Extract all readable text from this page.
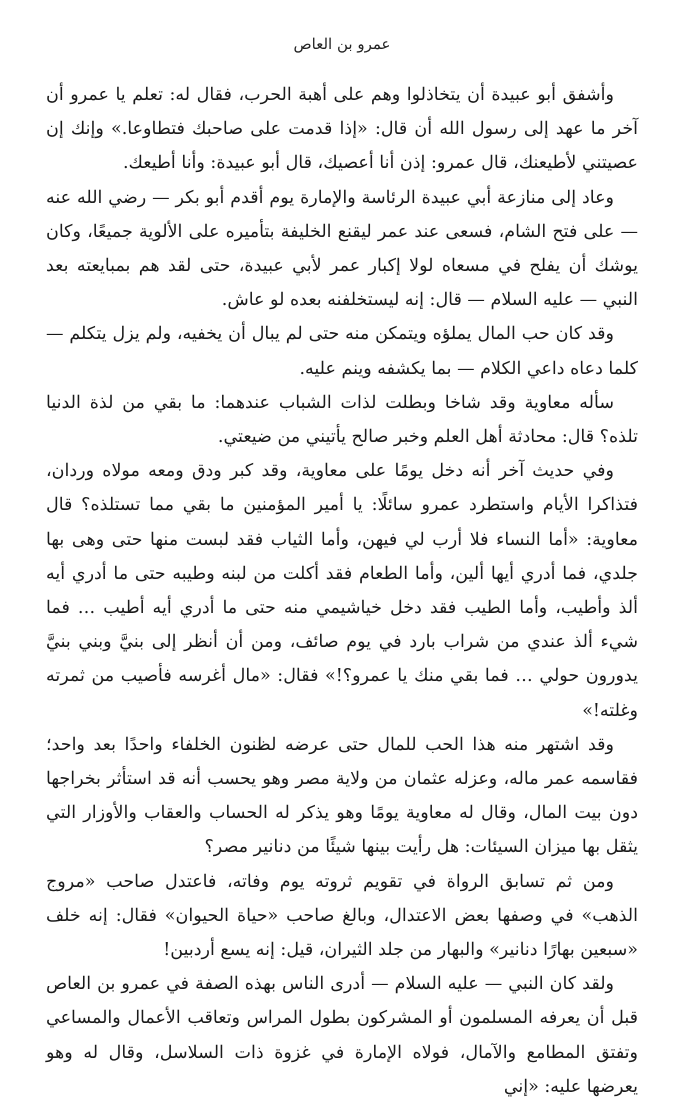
عمرو بن العاص

وأشفق أبو عبيدة أن يتخاذلوا وهم على أهبة الحرب، فقال له: تعلم يا عمرو أن آخر ما عهد إلى رسول الله أن قال: «إذا قدمت على صاحبك فتطاوعا.» وإنك إن عصيتني لأطيعنك، قال عمرو: إذن أنا أعصيك، قال أبو عبيدة: وأنا أطيعك.

وعاد إلى منازعة أبي عبيدة الرئاسة والإمارة يوم أقدم أبو بكر — رضي الله عنه — على فتح الشام، فسعى عند عمر ليقنع الخليفة بتأميره على الألوية جميعًا، وكان يوشك أن يفلح في مسعاه لولا إكبار عمر لأبي عبيدة، حتى لقد هم بمبايعته بعد النبي — عليه السلام — قال: إنه ليستخلفنه بعده لو عاش.

وقد كان حب المال يملؤه ويتمكن منه حتى لم يبال أن يخفيه، ولم يزل يتكلم — كلما دعاه داعي الكلام — بما يكشفه وينم عليه.

سأله معاوية وقد شاخا وبطلت لذات الشباب عندهما: ما بقي من لذة الدنيا تلذه؟ قال: محادثة أهل العلم وخبر صالح يأتيني من ضيعتي.

وفي حديث آخر أنه دخل يومًا على معاوية، وقد كبر ودق ومعه مولاه وردان، فتذاكرا الأيام واستطرد عمرو سائلًا: يا أمير المؤمنين ما بقي مما تستلذه؟ قال معاوية: «أما النساء فلا أرب لي فيهن، وأما الثياب فقد لبست منها حتى وهى بها جلدي، فما أدري أيها ألين، وأما الطعام فقد أكلت من لبنه وطيبه حتى ما أدري أيه ألذ وأطيب، وأما الطيب فقد دخل خياشيمي منه حتى ما أدري أيه أطيب … فما شيء ألذ عندي من شراب بارد في يوم صائف، ومن أن أنظر إلى بنيَّ وبني بنيَّ يدورون حولي … فما بقي منك يا عمرو؟!» فقال: «مال أغرسه فأصيب من ثمرته وغلته!»

وقد اشتهر منه هذا الحب للمال حتى عرضه لظنون الخلفاء واحدًا بعد واحد؛ فقاسمه عمر ماله، وعزله عثمان من ولاية مصر وهو يحسب أنه قد استأثر بخراجها دون بيت المال، وقال له معاوية يومًا وهو يذكر له الحساب والعقاب والأوزار التي يثقل بها ميزان السيئات: هل رأيت بينها شيئًا من دنانير مصر؟

ومن ثم تسابق الرواة في تقويم ثروته يوم وفاته، فاعتدل صاحب «مروج الذهب» في وصفها بعض الاعتدال، وبالغ صاحب «حياة الحيوان» فقال: إنه خلف «سبعين بهارًا دنانير» والبهار من جلد الثيران، قيل: إنه يسع أردبين!

ولقد كان النبي — عليه السلام — أدرى الناس بهذه الصفة في عمرو بن العاص قبل أن يعرفه المسلمون أو المشركون بطول المراس وتعاقب الأعمال والمساعي وتفتق المطامع والآمال، فولاه الإمارة في غزوة ذات السلاسل، وقال له وهو يعرضها عليه: «إني
